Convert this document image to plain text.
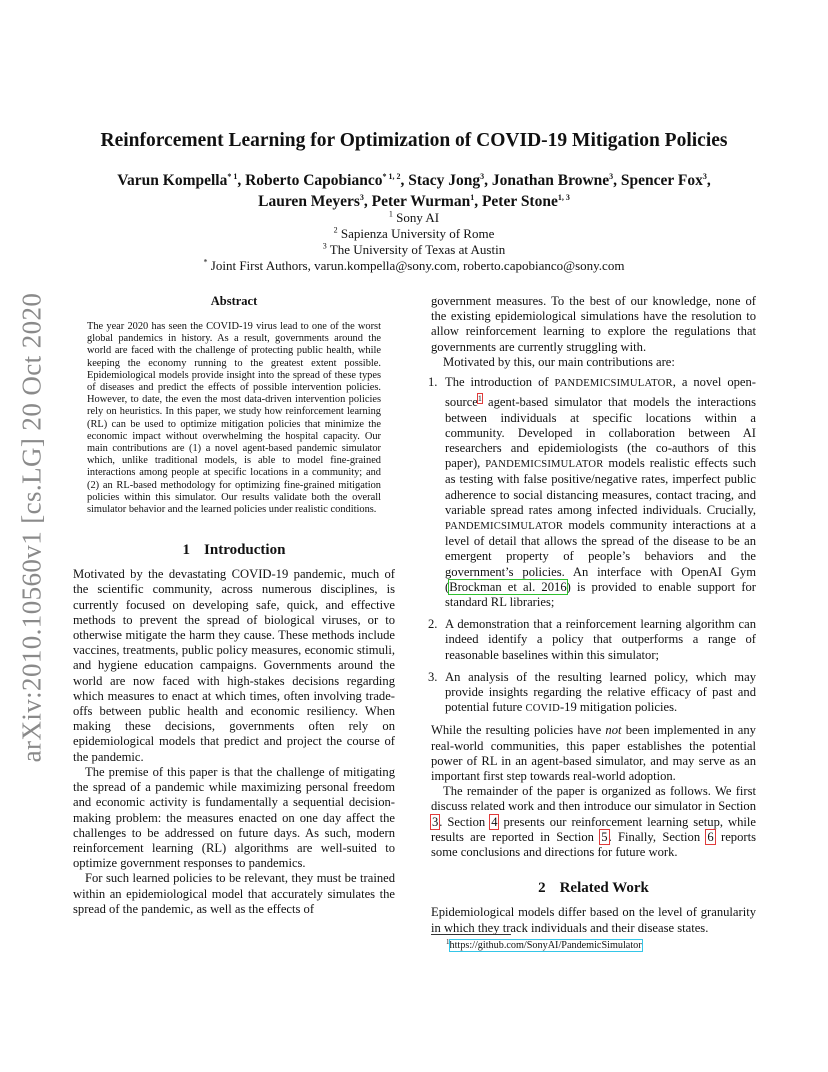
arXiv:2010.10560v1 [cs.LG] 20 Oct 2020
Reinforcement Learning for Optimization of COVID-19 Mitigation Policies
Varun Kompella$^{* 1}$, Roberto Capobianco$^{* 1, 2}$, Stacy Jong$^3$, Jonathan Browne$^3$, Spencer Fox$^3$,
Lauren Meyers$^3$, Peter Wurman$^1$, Peter Stone$^{1, 3}$
$^1$ Sony AI
$^2$ Sapienza University of Rome
$^3$ The University of Texas at Austin
* Joint First Authors, varun.kompella@sony.com, roberto.capobianco@sony.com
Abstract

The year 2020 has seen the COVID-19 virus lead to one of the worst global pandemics in history. As a result, governments around the world are faced with the challenge of protecting public health, while keeping the economy running to the greatest extent possible. Epidemiological models provide insight into the spread of these types of diseases and predict the effects of possible intervention policies. However, to date, the even the most data-driven intervention policies rely on heuristics. In this paper, we study how reinforcement learning (RL) can be used to optimize mitigation policies that minimize the economic impact without overwhelming the hospital capacity. Our main contributions are (1) a novel agent-based pandemic simulator which, unlike traditional models, is able to model fine-grained interactions among people at specific locations in a community; and (2) an RL-based methodology for optimizing fine-grained mitigation policies within this simulator. Our results validate both the overall simulator behavior and the learned policies under realistic conditions.

1 Introduction

Motivated by the devastating COVID-19 pandemic, much of the scientific community, across numerous disciplines, is currently focused on developing safe, quick, and effective methods to prevent the spread of biological viruses, or to otherwise mitigate the harm they cause. These methods include vaccines, treatments, public policy measures, economic stimuli, and hygiene education campaigns. Governments around the world are now faced with high-stakes decisions regarding which measures to enact at which times, often involving trade-offs between public health and economic resiliency. When making these decisions, governments often rely on epidemiological models that predict and project the course of the pandemic.

The premise of this paper is that the challenge of mitigating the spread of a pandemic while maximizing personal freedom and economic activity is fundamentally a sequential decision-making problem: the measures enacted on one day affect the challenges to be addressed on future days. As such, modern reinforcement learning (RL) algorithms are well-suited to optimize government responses to pandemics.

For such learned policies to be relevant, they must be trained within an epidemiological model that accurately simulates the spread of the pandemic, as well as the effects of

government measures. To the best of our knowledge, none of the existing epidemiological simulations have the resolution to allow reinforcement learning to explore the regulations that governments are currently struggling with.

Motivated by this, our main contributions are:

1. The introduction of PANDEMICSIMULATOR, a novel open-source$^1$ agent-based simulator that models the interactions between individuals at specific locations within a community. Developed in collaboration between AI researchers and epidemiologists (the co-authors of this paper), PANDEMICSIMULATOR models realistic effects such as testing with false positive/negative rates, imperfect public adherence to social distancing measures, contact tracing, and variable spread rates among infected individuals. Crucially, PANDEMICSIMULATOR models community interactions at a level of detail that allows the spread of the disease to be an emergent property of people’s behaviors and the government’s policies. An interface with OpenAI Gym (Brockman et al. 2016) is provided to enable support for standard RL libraries;
2. A demonstration that a reinforcement learning algorithm can indeed identify a policy that outperforms a range of reasonable baselines within this simulator;
3. An analysis of the resulting learned policy, which may provide insights regarding the relative efficacy of past and potential future COVID-19 mitigation policies.

While the resulting policies have not been implemented in any real-world communities, this paper establishes the potential power of RL in an agent-based simulator, and may serve as an important first step towards real-world adoption.

The remainder of the paper is organized as follows. We first discuss related work and then introduce our simulator in Section 3. Section 4 presents our reinforcement learning setup, while results are reported in Section 5. Finally, Section 6 reports some conclusions and directions for future work.

2 Related Work

Epidemiological models differ based on the level of granularity in which they track individuals and their disease states.

$^1$https://github.com/SonyAI/PandemicSimulator
